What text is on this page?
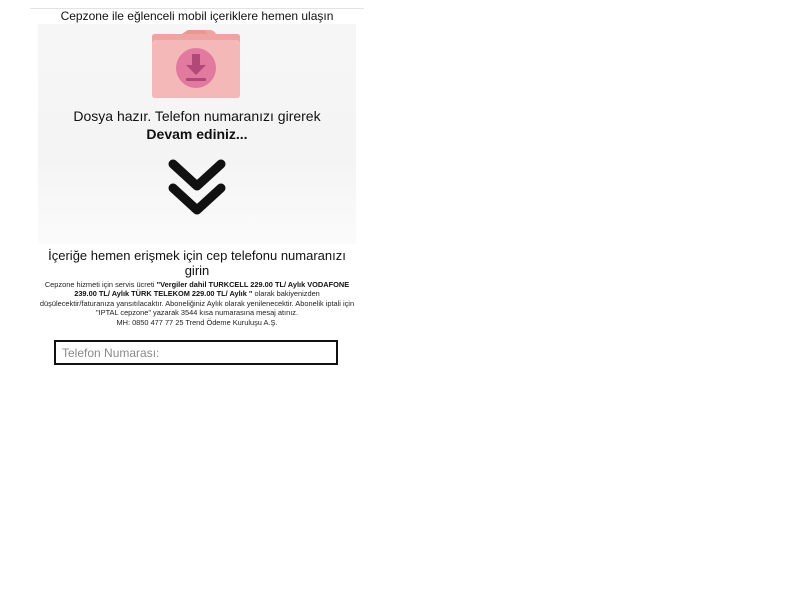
Cepzone ile eğlenceli mobil içeriklere hemen ulaşın
Dosya hazır. Telefon numaranızı girerek
Devam ediniz...
İçeriğe hemen erişmek için cep telefonu numaranızı girin
Cepzone hizmeti için servis ücreti "Vergiler dahil TURKCELL 229.00 TL/ Aylık VODAFONE 239.00 TL/ Aylık TÜRK TELEKOM 229.00 TL/ Aylık " olarak bakiyenizden düşülecektir/faturanıza yansıtılacaktır. Aboneliğiniz Aylık olarak yenilenecektir. Abonelik iptali için "IPTAL cepzone" yazarak 3544 kısa numarasına mesaj atınız.
MH: 0850 477 77 25 Trend Ödeme Kuruluşu A.Ş.
Telefon Numarası:
